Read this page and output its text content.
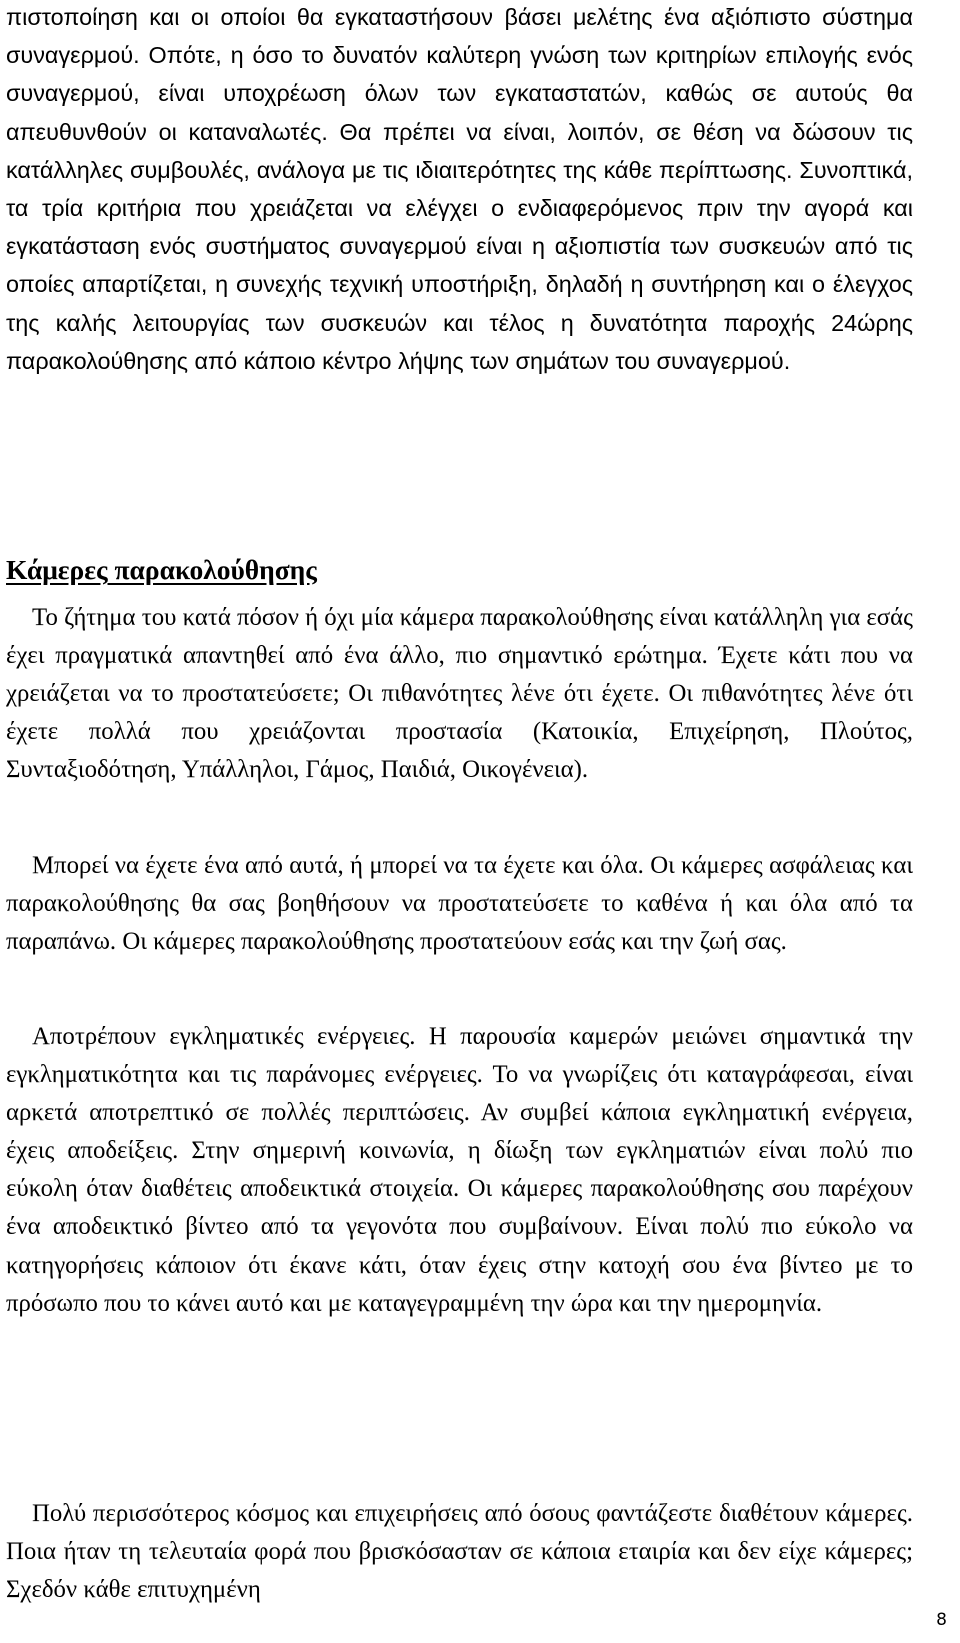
πιστοποίηση και οι οποίοι θα εγκαταστήσουν βάσει μελέτης ένα αξιόπιστο σύστημα συναγερμού. Οπότε, η όσο το δυνατόν καλύτερη γνώση των κριτηρίων επιλογής ενός συναγερμού, είναι υποχρέωση όλων των εγκαταστατών, καθώς σε αυτούς θα απευθυνθούν οι καταναλωτές. Θα πρέπει να είναι, λοιπόν, σε θέση να δώσουν τις κατάλληλες συμβουλές, ανάλογα με τις ιδιαιτερότητες της κάθε περίπτωσης. Συνοπτικά, τα τρία κριτήρια που χρειάζεται να ελέγχει ο ενδιαφερόμενος πριν την αγορά και εγκατάσταση ενός συστήματος συναγερμού είναι η αξιοπιστία των συσκευών από τις οποίες απαρτίζεται, η συνεχής τεχνική υποστήριξη, δηλαδή η συντήρηση και ο έλεγχος της καλής λειτουργίας των συσκευών και τέλος η δυνατότητα παροχής 24ώρης παρακολούθησης από κάποιο κέντρο λήψης των σημάτων του συναγερμού.

Κάμερες παρακολούθησης

Το ζήτημα του κατά πόσον ή όχι μία κάμερα παρακολούθησης είναι κατάλληλη για εσάς έχει πραγματικά απαντηθεί από ένα άλλο, πιο σημαντικό ερώτημα. Έχετε κάτι που να χρειάζεται να το προστατεύσετε; Οι πιθανότητες λένε ότι έχετε. Οι πιθανότητες λένε ότι έχετε πολλά που χρειάζονται προστασία (Κατοικία, Επιχείρηση, Πλούτος, Συνταξιοδότηση, Υπάλληλοι, Γάμος, Παιδιά, Οικογένεια).

Μπορεί να έχετε ένα από αυτά, ή μπορεί να τα έχετε και όλα. Οι κάμερες ασφάλειας και παρακολούθησης θα σας βοηθήσουν να προστατεύσετε το καθένα ή και όλα από τα παραπάνω. Οι κάμερες παρακολούθησης προστατεύουν εσάς και την ζωή σας.

Αποτρέπουν εγκληματικές ενέργειες. Η παρουσία καμερών μειώνει σημαντικά την εγκληματικότητα και τις παράνομες ενέργειες. Το να γνωρίζεις ότι καταγράφεσαι, είναι αρκετά αποτρεπτικό σε πολλές περιπτώσεις. Αν συμβεί κάποια εγκληματική ενέργεια, έχεις αποδείξεις. Στην σημερινή κοινωνία, η δίωξη των εγκληματιών είναι πολύ πιο εύκολη όταν διαθέτεις αποδεικτικά στοιχεία. Οι κάμερες παρακολούθησης σου παρέχουν ένα αποδεικτικό βίντεο από τα γεγονότα που συμβαίνουν. Είναι πολύ πιο εύκολο να κατηγορήσεις κάποιον ότι έκανε κάτι, όταν έχεις στην κατοχή σου ένα βίντεο με το πρόσωπο που το κάνει αυτό και με καταγεγραμμένη την ώρα και την ημερομηνία.

Πολύ περισσότερος κόσμος και επιχειρήσεις από όσους φαντάζεστε διαθέτουν κάμερες. Ποια ήταν τη τελευταία φορά που βρισκόσασταν σε κάποια εταιρία και δεν είχε κάμερες; Σχεδόν κάθε επιτυχημένη

8
